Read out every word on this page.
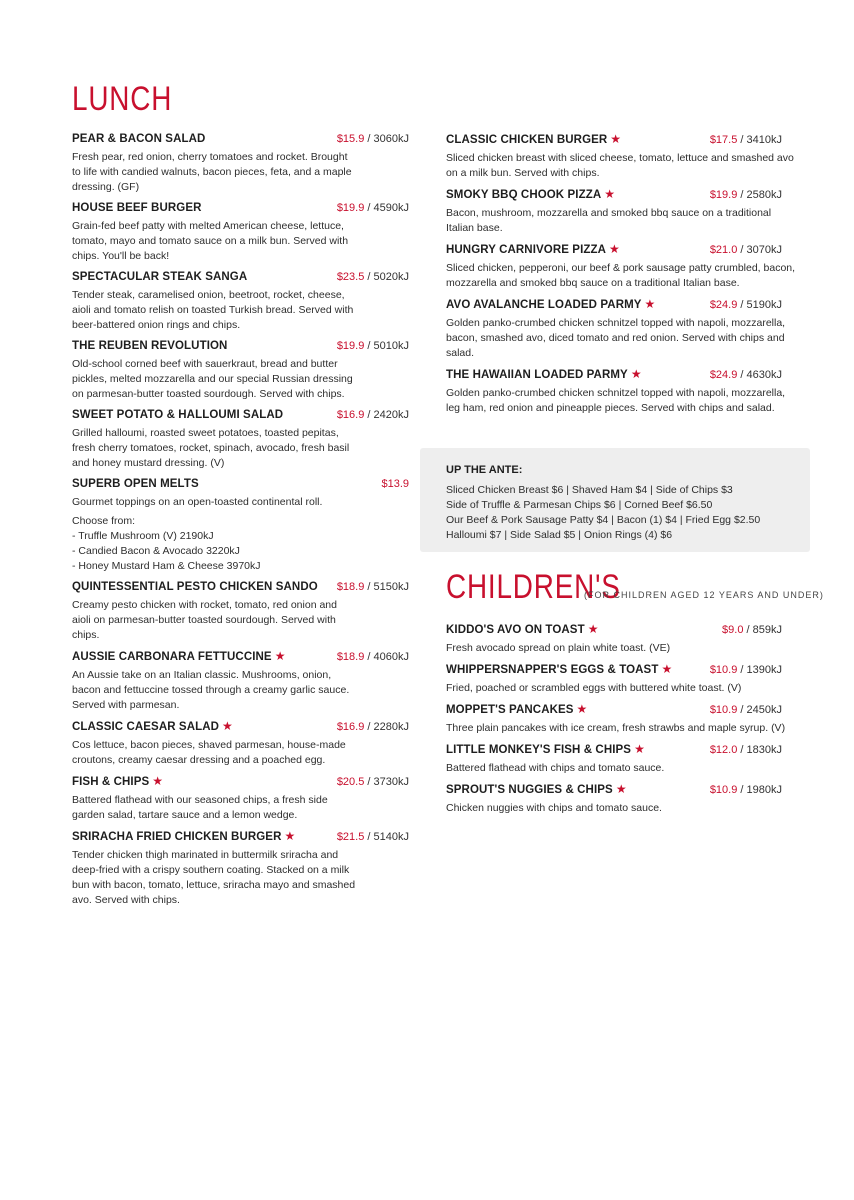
LUNCH
PEAR & BACON SALAD	$15.9 / 3060kJ
Fresh pear, red onion, cherry tomatoes and rocket. Brought to life with candied walnuts, bacon pieces, feta, and a maple dressing. (GF)
HOUSE BEEF BURGER	$19.9 / 4590kJ
Grain-fed beef patty with melted American cheese, lettuce, tomato, mayo and tomato sauce on a milk bun. Served with chips. You'll be back!
SPECTACULAR STEAK SANGA	$23.5 / 5020kJ
Tender steak, caramelised onion, beetroot, rocket, cheese, aioli and tomato relish on toasted Turkish bread. Served with beer-battered onion rings and chips.
THE REUBEN REVOLUTION	$19.9 / 5010kJ
Old-school corned beef with sauerkraut, bread and butter pickles, melted mozzarella and our special Russian dressing on parmesan-butter toasted sourdough. Served with chips.
SWEET POTATO & HALLOUMI SALAD	$16.9 / 2420kJ
Grilled halloumi, roasted sweet potatoes, toasted pepitas, fresh cherry tomatoes, rocket, spinach, avocado, fresh basil and honey mustard dressing. (V)
SUPERB OPEN MELTS	$13.9
Gourmet toppings on an open-toasted continental roll.
Choose from:
- Truffle Mushroom (V) 2190kJ
- Candied Bacon & Avocado 3220kJ
- Honey Mustard Ham & Cheese 3970kJ
QUINTESSENTIAL PESTO CHICKEN SANDO $18.9 / 5150kJ
Creamy pesto chicken with rocket, tomato, red onion and aioli on parmesan-butter toasted sourdough. Served with chips.
AUSSIE CARBONARA FETTUCCINE ★	$18.9 / 4060kJ
An Aussie take on an Italian classic. Mushrooms, onion, bacon and fettuccine tossed through a creamy garlic sauce. Served with parmesan.
CLASSIC CAESAR SALAD ★	$16.9 / 2280kJ
Cos lettuce, bacon pieces, shaved parmesan, house-made croutons, creamy caesar dressing and a poached egg.
FISH & CHIPS ★	$20.5 / 3730kJ
Battered flathead with our seasoned chips, a fresh side garden salad, tartare sauce and a lemon wedge.
SRIRACHA FRIED CHICKEN BURGER ★	$21.5 / 5140kJ
Tender chicken thigh marinated in buttermilk sriracha and deep-fried with a crispy southern coating. Stacked on a milk bun with bacon, tomato, lettuce, sriracha mayo and smashed avo. Served with chips.
CLASSIC CHICKEN BURGER ★	$17.5 / 3410kJ
Sliced chicken breast with sliced cheese, tomato, lettuce and smashed avo on a milk bun. Served with chips.
SMOKY BBQ CHOOK PIZZA ★	$19.9 / 2580kJ
Bacon, mushroom, mozzarella and smoked bbq sauce on a traditional Italian base.
HUNGRY CARNIVORE PIZZA ★	$21.0 / 3070kJ
Sliced chicken, pepperoni, our beef & pork sausage patty crumbled, bacon, mozzarella and smoked bbq sauce on a traditional Italian base.
AVO AVALANCHE LOADED PARMY ★	$24.9 / 5190kJ
Golden panko-crumbed chicken schnitzel topped with napoli, mozzarella, bacon, smashed avo, diced tomato and red onion. Served with chips and salad.
THE HAWAIIAN LOADED PARMY ★	$24.9 / 4630kJ
Golden panko-crumbed chicken schnitzel topped with napoli, mozzarella, leg ham, red onion and pineapple pieces. Served with chips and salad.
UP THE ANTE:
Sliced Chicken Breast $6 | Shaved Ham $4 | Side of Chips $3
Side of Truffle & Parmesan Chips $6 | Corned Beef $6.50
Our Beef & Pork Sausage Patty $4 | Bacon (1) $4 | Fried Egg $2.50
Halloumi $7 | Side Salad $5 | Onion Rings (4) $6
CHILDREN'S
(FOR CHILDREN AGED 12 YEARS AND UNDER)
KIDDO'S AVO ON TOAST ★	$9.0 / 859kJ
Fresh avocado spread on plain white toast. (VE)
WHIPPERSNAPPER'S EGGS & TOAST ★	$10.9 / 1390kJ
Fried, poached or scrambled eggs with buttered white toast. (V)
MOPPET'S PANCAKES ★	$10.9 / 2450kJ
Three plain pancakes with ice cream, fresh strawbs and maple syrup. (V)
LITTLE MONKEY'S FISH & CHIPS ★	$12.0 / 1830kJ
Battered flathead with chips and tomato sauce.
SPROUT'S NUGGIES & CHIPS ★	$10.9 / 1980kJ
Chicken nuggies with chips and tomato sauce.
